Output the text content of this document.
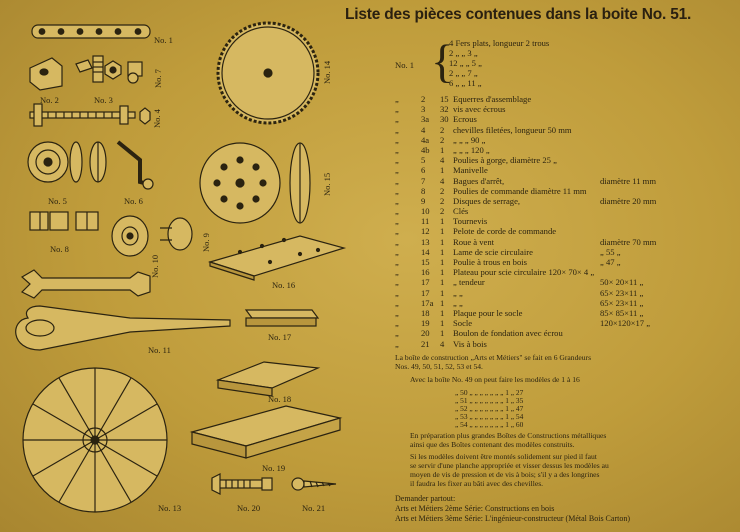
No. 1
No. 2	No. 3
No. 4
No. 5	No. 6
No. 7
No. 8	No. 9
No. 10
No. 11
No. 13
No. 14
No. 15
No. 16
No. 17
No. 18
No. 19
No. 20	No. 21
Liste des pièces contenues dans la boite No. 51.
No. 1 {
4 Fers plats, longueur 2 trous
2 „ „ 3 „
12 „ „ 5 „
2 „ „ 7 „
6 „ „ 11 „
„	2 15 Equerres d'assemblage
„	3 32 vis avec écrous
„	3a 30 Ecrous
„	4 2 chevilles filetées, longueur 50 mm
„	4a 2 „ „ „ 90 „
„	4b 1 „ „ „ 120 „
„	5 4 Poulies à gorge, diamètre 25 „
„	6 1 Manivelle
„	7 4 Bagues d'arrêt,	diamètre 11 mm
„	8 2 Poulies de commande diamètre 11 mm
„	9 2 Disques de serrage,	diamètre 20 mm
„	10 2 Clés
„	11 1 Tournevis
„	12 1 Pelote de corde de commande
„	13 1 Roue à vent	diamètre 70 mm
„	14 1 Lame de scie circulaire	„ 55 „
„	15 1 Poulie à trous en bois	„ 47 „
„	16 1 Plateau pour scie circulaire 120× 70× 4 „
„	17 1 „ tendeur	50× 20×11 „
„	17 1 „ „	65× 23×11 „
„	17a 1 „ „	65× 23×11 „
„	18 1 Plaque pour le socle	85× 85×11 „
„	19 1 Socle	120×120×17 „
„	20 1 Boulon de fondation avec écrou
„	21 4 Vis à bois
La boîte de construction „Arts et Métiers" se fait en 6 Grandeurs
Nos. 49, 50, 51, 52, 53 et 54.
Avec la boîte No. 49 on peut faire les modèles de 1 à 16
„ 50 „ „ „ „ „ „ „ 1 „ 27
„ 51 „ „ „ „ „ „ „ 1 „ 35
„ 52 „ „ „ „ „ „ „ 1 „ 47
„ 53 „ „ „ „ „ „ „ 1 „ 54
„ 54 „ „ „ „ „ „ „ 1 „ 60
En préparation plus grandes Boîtes de Constructions métalliques
ainsi que des Boîtes contenant des modèles construits.
Si les modèles doivent être montés solidement sur pied il faut
se servir d'une planche appropriée et visser dessus les modèles au
moyen de vis de pression et de vis à bois; s'il y a des longrines
il faudra les fixer au bâti avec des chevilles.
Demander partout:
Arts et Métiers 2ème Série: Constructions en bois
Arts et Métiers 3ème Série: L'ingénieur-constructeur (Métal Bois Carton)
